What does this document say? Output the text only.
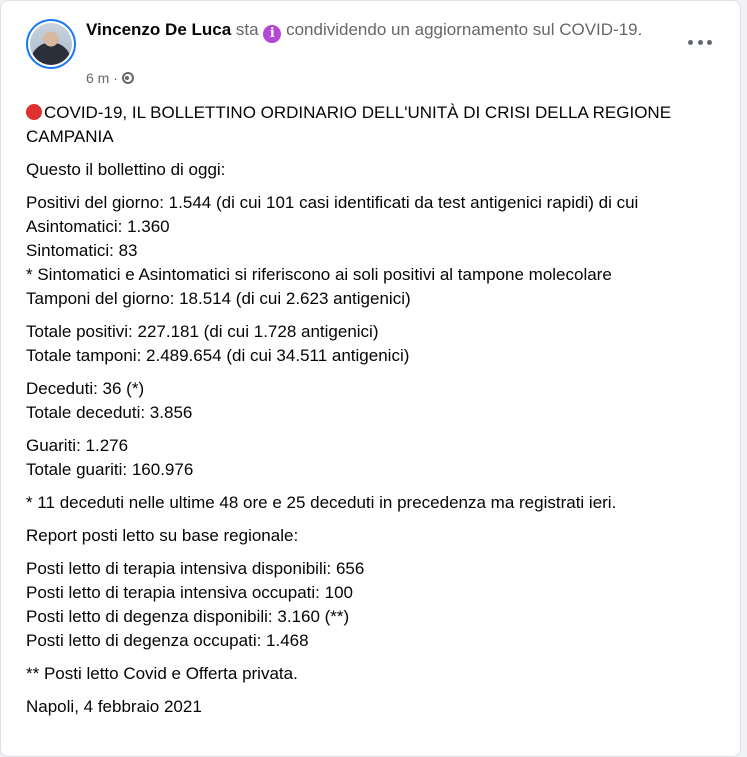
Vincenzo De Luca sta i condividendo un aggiornamento sul COVID-19.
6 m ·
COVID-19, IL BOLLETTINO ORDINARIO DELL'UNITÀ DI CRISI DELLA REGIONE CAMPANIA
Questo il bollettino di oggi:
Positivi del giorno: 1.544 (di cui 101 casi identificati da test antigenici rapidi) di cui
Asintomatici: 1.360
Sintomatici: 83
* Sintomatici e Asintomatici si riferiscono ai soli positivi al tampone molecolare
Tamponi del giorno: 18.514 (di cui 2.623 antigenici)
Totale positivi: 227.181 (di cui 1.728 antigenici)
Totale tamponi: 2.489.654 (di cui 34.511 antigenici)
Deceduti: 36 (*)
Totale deceduti: 3.856
Guariti: 1.276
Totale guariti: 160.976
* 11 deceduti nelle ultime 48 ore e 25 deceduti in precedenza ma registrati ieri.
Report posti letto su base regionale:
Posti letto di terapia intensiva disponibili: 656
Posti letto di terapia intensiva occupati: 100
Posti letto di degenza disponibili: 3.160 (**)
Posti letto di degenza occupati: 1.468
** Posti letto Covid e Offerta privata.
Napoli, 4 febbraio 2021
